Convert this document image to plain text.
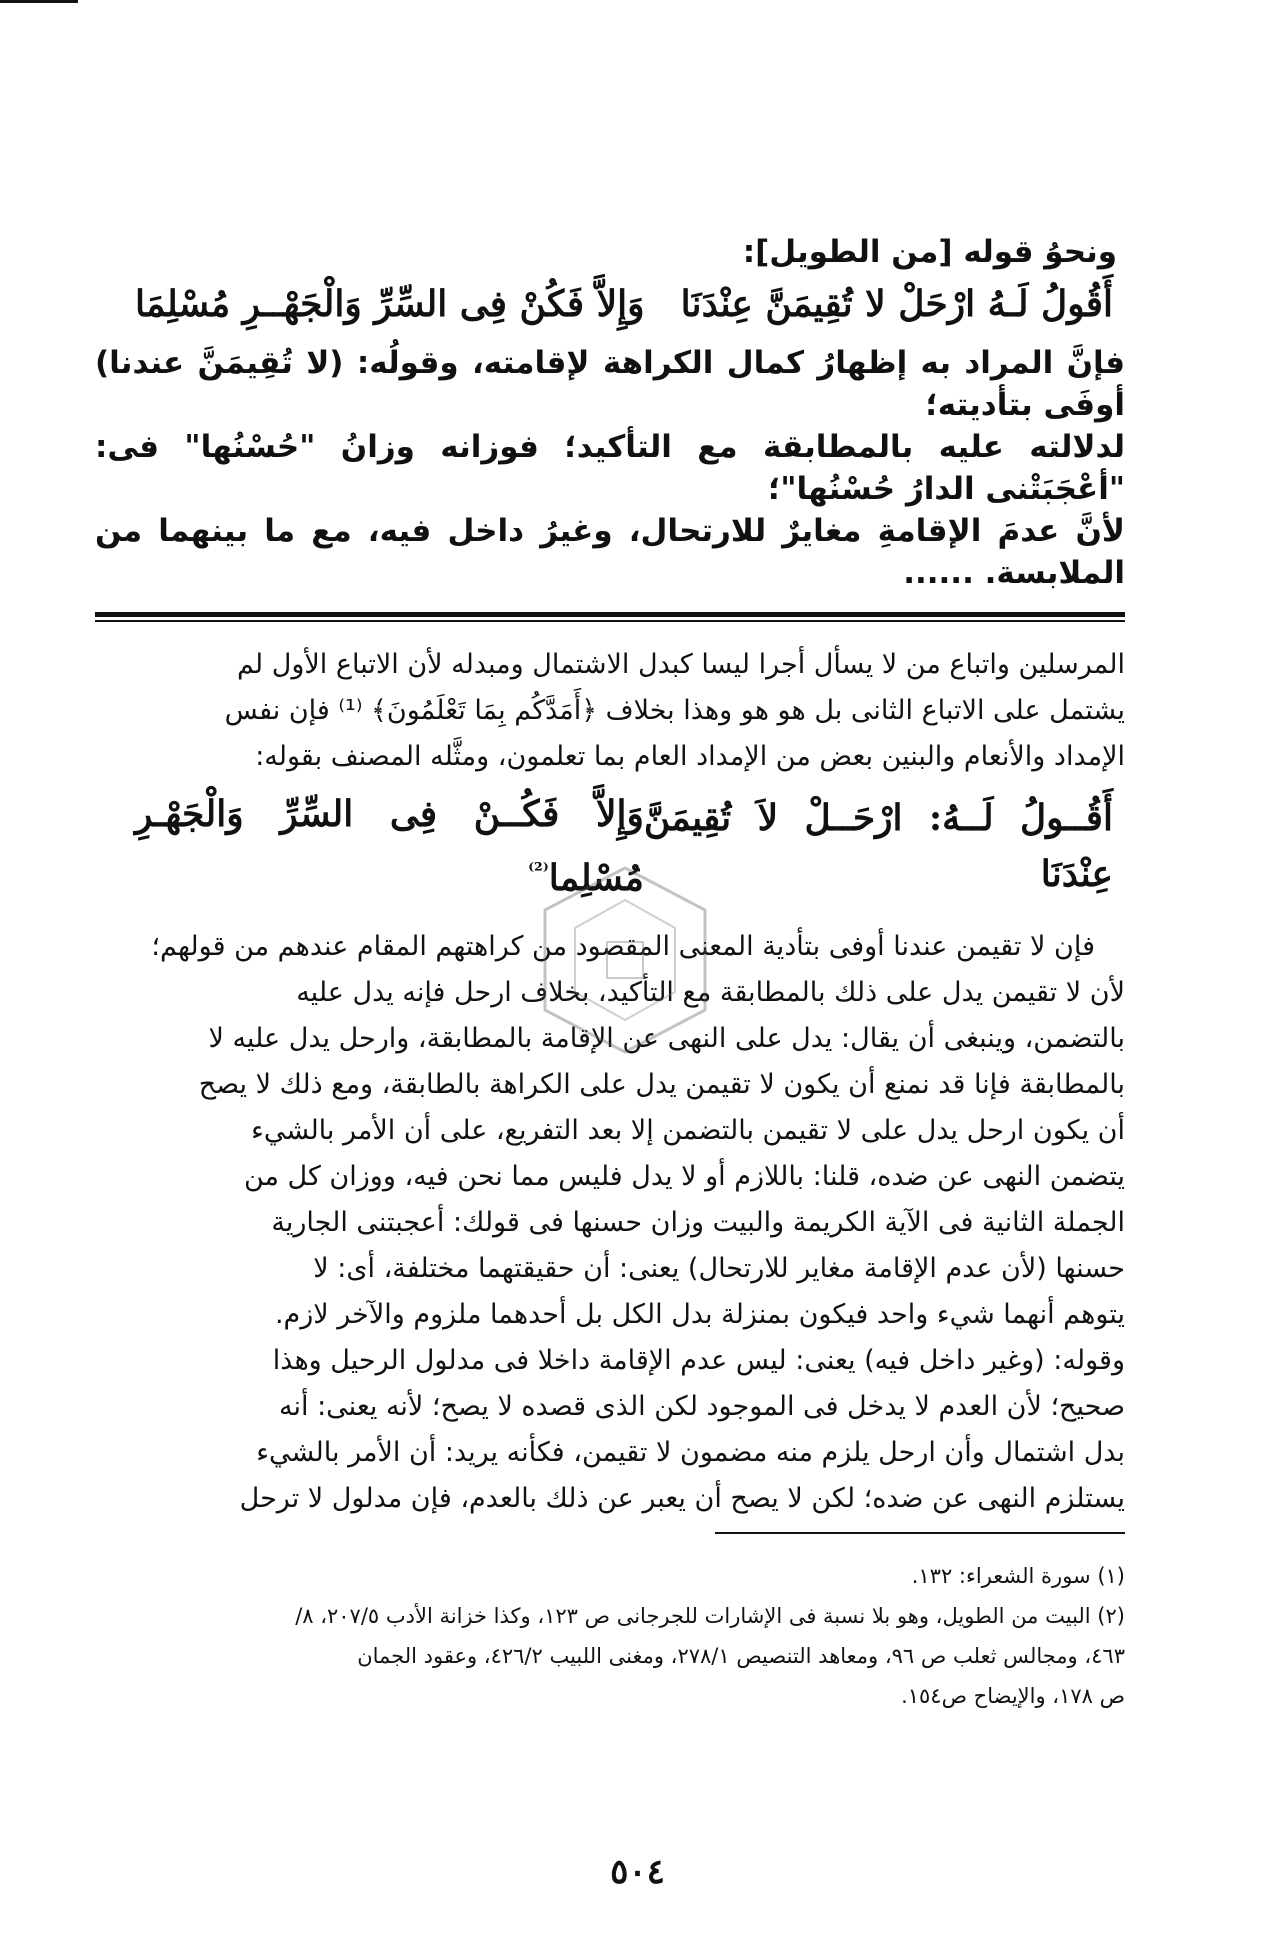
ونحوُ قوله [من الطويل]:
أَقُولُ لَـهُ ارْحَلْ لا تُقِيمَنَّ عِنْدَنَا
وَإِلاَّ فَكُنْ فِى السِّرِّ وَالْجَهْــرِ مُسْلِمَا

فإنَّ المراد به إظهارُ كمال الكراهة لإقامته، وقولُه: (لا تُقِيمَنَّ عندنا) أوفَى بتأديته؛

لدلالته عليه بالمطابقة مع التأكيد؛ فوزانه وزانُ "حُسْنُها" فى: "أعْجَبَتْنى الدارُ حُسْنُها"؛

لأنَّ عدمَ الإقامةِ مغايرٌ للارتحال، وغيرُ داخل فيه، مع ما بينهما من الملابسة. ......

المرسلين واتباع من لا يسأل أجرا ليسا كبدل الاشتمال ومبدله لأن الاتباع الأول لم

يشتمل على الاتباع الثانى بل هو هو وهذا بخلاف ﴿أَمَدَّكُم بِمَا تَعْلَمُونَ﴾ ⁽¹⁾ فإن نفس

الإمداد والأنعام والبنين بعض من الإمداد العام بما تعلمون، ومثَّله المصنف بقوله:

أَقُــولُ لَــهُ: ارْحَــلْ لاَ تُقِيمَنَّ عِنْدَنَا
وَإِلاَّ فَكُــنْ فِى السِّرِّ وَالْجَهْـرِ مُسْلِما$^{^{(2)}}$

فإن لا تقيمن عندنا أوفى بتأدية المعنى المقصود من كراهتهم المقام عندهم من قولهم؛

لأن لا تقيمن يدل على ذلك بالمطابقة مع التأكيد، بخلاف ارحل فإنه يدل عليه

بالتضمن، وينبغى أن يقال: يدل على النهى عن الإقامة بالمطابقة، وارحل يدل عليه لا

بالمطابقة فإنا قد نمنع أن يكون لا تقيمن يدل على الكراهة بالطابقة، ومع ذلك لا يصح

أن يكون ارحل يدل على لا تقيمن بالتضمن إلا بعد التفريع، على أن الأمر بالشيء

يتضمن النهى عن ضده، قلنا: باللازم أو لا يدل فليس مما نحن فيه، ووزان كل من

الجملة الثانية فى الآية الكريمة والبيت وزان حسنها فى قولك: أعجبتنى الجارية

حسنها (لأن عدم الإقامة مغاير للارتحال) يعنى: أن حقيقتهما مختلفة، أى: لا

يتوهم أنهما شيء واحد فيكون بمنزلة بدل الكل بل أحدهما ملزوم والآخر لازم.

وقوله: (وغير داخل فيه) يعنى: ليس عدم الإقامة داخلا فى مدلول الرحيل وهذا

صحيح؛ لأن العدم لا يدخل فى الموجود لكن الذى قصده لا يصح؛ لأنه يعنى: أنه

بدل اشتمال وأن ارحل يلزم منه مضمون لا تقيمن، فكأنه يريد: أن الأمر بالشيء

يستلزم النهى عن ضده؛ لكن لا يصح أن يعبر عن ذلك بالعدم، فإن مدلول لا ترحل

(١) سورة الشعراء: ١٣٢.
(٢) البيت من الطويل، وهو بلا نسبة فى الإشارات للجرجانى ص ١٢٣، وكذا خزانة الأدب ٢٠٧/٥، ٨/
٤٦٣، ومجالس ثعلب ص ٩٦، ومعاهد التنصيص ٢٧٨/١، ومغنى اللبيب ٤٢٦/٢، وعقود الجمان
ص ١٧٨، والإيضاح ص١٥٤.
٥٠٤
